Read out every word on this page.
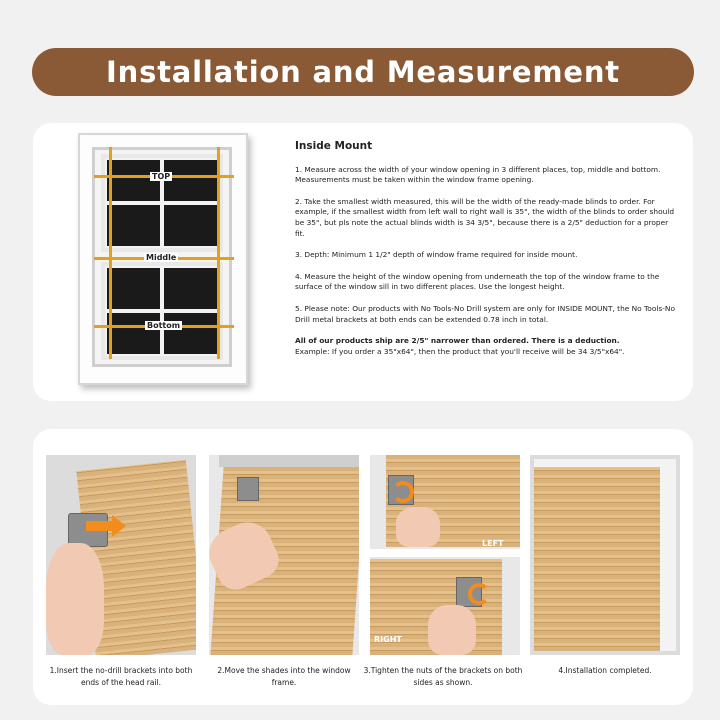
Installation and Measurement
TOP
Middle
Bottom
Inside Mount

1. Measure across the width of your window opening in 3 different places, top, middle and bottom. Measurements must be taken within the window frame opening.

2. Take the smallest width measured, this will be the width of the ready-made blinds to order. For example, if the smallest width from left wall to right wall is 35", the width of the blinds to order should be 35", but pls note the actual blinds width is 34 3/5", because there is a 2/5" deduction for a proper fit.

3. Depth: Minimum 1 1/2" depth of window frame required for inside mount.

4. Measure the height of the window opening from underneath the top of the window frame to the surface of the window sill in two different places. Use the longest height.

5. Please note: Our products with No Tools-No Drill system are only for INSIDE MOUNT, the No Tools-No Drill metal brackets at both ends can be extended 0.78 inch in total.

All of our products ship are 2/5" narrower than ordered. There is a deduction.
Example: If you order a 35"x64", then the product that you'll receive will be 34 3/5"x64".
LEFT
RIGHT
1.Insert the no-drill brackets into both ends of the head rail.
2.Move the shades into the window frame.
3.Tighten the nuts of the brackets on both sides as shown.
4.Installation completed.
